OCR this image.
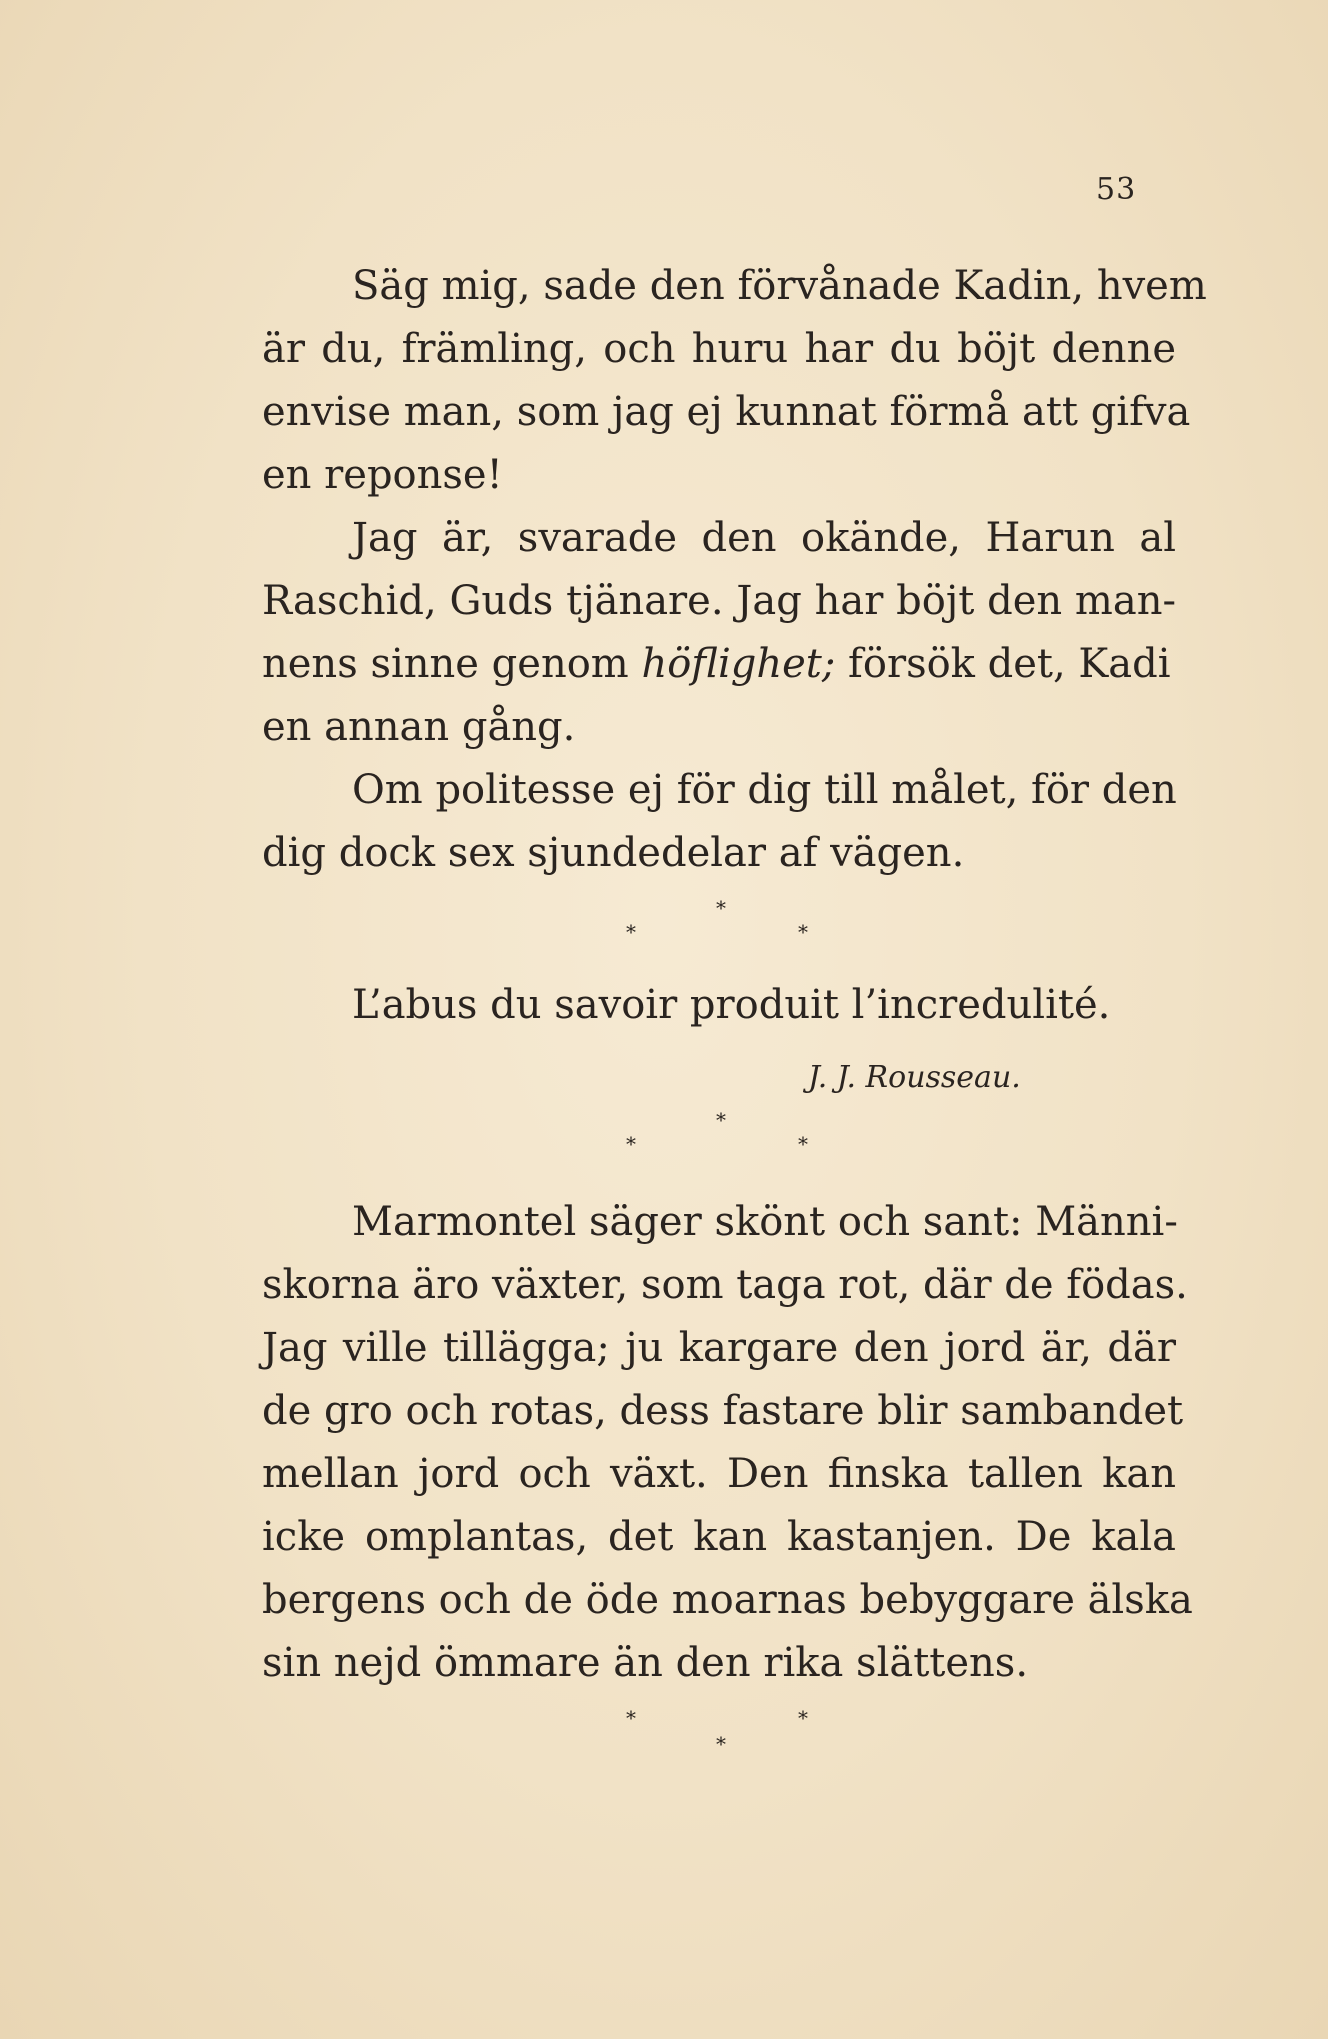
53
Säg mig, sade den förvånade Kadin, hvem
är du, främling, och huru har du böjt denne
envise man, som jag ej kunnat förmå att gifva
en reponse!
Jag är, svarade den okände, Harun al
Raschid, Guds tjänare. Jag har böjt den man-
nens sinne genom höflighet; försök det, Kadi
en annan gång.
Om politesse ej för dig till målet, för den
dig dock sex sjundedelar af vägen.
*
*	*
L’abus du savoir produit l’incredulité.
J. J. Rousseau.
*
*	*
Marmontel säger skönt och sant: Männi-
skorna äro växter, som taga rot, där de födas.
Jag ville tillägga; ju kargare den jord är, där
de gro och rotas, dess fastare blir sambandet
mellan jord och växt. Den finska tallen kan
icke omplantas, det kan kastanjen. De kala
bergens och de öde moarnas bebyggare älska
sin nejd ömmare än den rika slättens.
*	*
*
